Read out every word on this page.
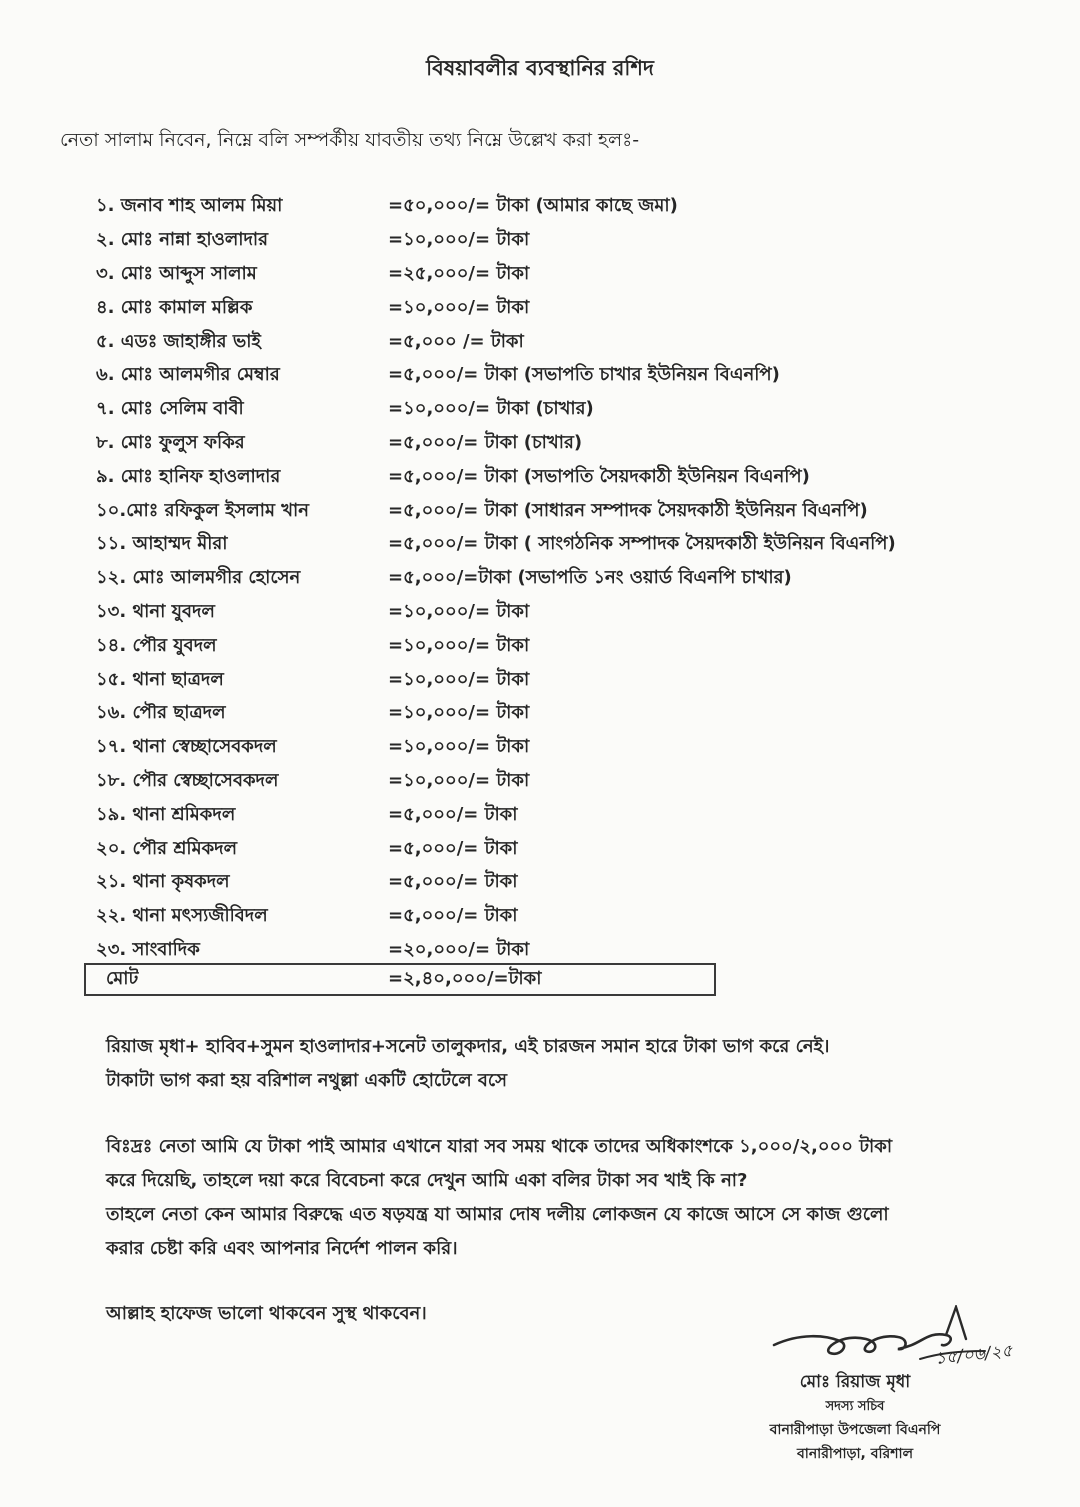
বিষয়াবলীর ব্যবস্থানির রশিদ
নেতা সালাম নিবেন, নিম্নে বলি সম্পর্কীয় যাবতীয় তথ্য নিম্নে উল্লেখ করা হলঃ-
১. জনাব শাহ আলম মিয়া	=৫০,০০০/= টাকা (আমার কাছে জমা)
২. মোঃ নান্না হাওলাদার	=১০,০০০/= টাকা
৩. মোঃ আব্দুস সালাম	=২৫,০০০/= টাকা
৪. মোঃ কামাল মল্লিক	=১০,০০০/= টাকা
৫. এডঃ জাহাঙ্গীর ভাই	=৫,০০০ /= টাকা
৬. মোঃ আলমগীর মেম্বার	=৫,০০০/= টাকা (সভাপতি চাখার ইউনিয়ন বিএনপি)
৭. মোঃ সেলিম বাবী	=১০,০০০/= টাকা (চাখার)
৮. মোঃ ফুলুস ফকির	=৫,০০০/= টাকা (চাখার)
৯. মোঃ হানিফ হাওলাদার	=৫,০০০/= টাকা (সভাপতি সৈয়দকাঠী ইউনিয়ন বিএনপি)
১০.মোঃ রফিকুল ইসলাম খান	=৫,০০০/= টাকা (সাধারন সম্পাদক সৈয়দকাঠী ইউনিয়ন বিএনপি)
১১. আহাম্মদ মীরা	=৫,০০০/= টাকা ( সাংগঠনিক সম্পাদক সৈয়দকাঠী ইউনিয়ন বিএনপি)
১২. মোঃ আলমগীর হোসেন	=৫,০০০/=টাকা (সভাপতি ১নং ওয়ার্ড বিএনপি চাখার)
১৩. থানা যুবদল	=১০,০০০/= টাকা
১৪. পৌর যুবদল	=১০,০০০/= টাকা
১৫. থানা ছাত্রদল	=১০,০০০/= টাকা
১৬. পৌর ছাত্রদল	=১০,০০০/= টাকা
১৭. থানা স্বেচ্ছাসেবকদল	=১০,০০০/= টাকা
১৮. পৌর স্বেচ্ছাসেবকদল	=১০,০০০/= টাকা
১৯. থানা শ্রমিকদল	=৫,০০০/= টাকা
২০. পৌর শ্রমিকদল	=৫,০০০/= টাকা
২১. থানা কৃষকদল	=৫,০০০/= টাকা
২২. থানা মৎস্যজীবিদল	=৫,০০০/= টাকা
২৩. সাংবাদিক	=২০,০০০/= টাকা
মোট	=২,৪০,০০০/=টাকা
রিয়াজ মৃধা+ হাবিব+সুমন হাওলাদার+সনেট তালুকদার, এই চারজন সমান হারে টাকা ভাগ করে নেই।
টাকাটা ভাগ করা হয় বরিশাল নথুল্লা একটি হোটেলে বসে
বিঃদ্রঃ নেতা আমি যে টাকা পাই আমার এখানে যারা সব সময় থাকে তাদের অধিকাংশকে ১,০০০/২,০০০ টাকা
করে দিয়েছি, তাহলে দয়া করে বিবেচনা করে দেখুন আমি একা বলির টাকা সব খাই কি না?
তাহলে নেতা কেন আমার বিরুদ্ধে এত ষড়যন্ত্র যা আমার দোষ দলীয় লোকজন যে কাজে আসে সে কাজ গুলো
করার চেষ্টা করি এবং আপনার নির্দেশ পালন করি।
আল্লাহ হাফেজ ভালো থাকবেন সুস্থ থাকবেন।
১৫/০৬/২৫
মোঃ রিয়াজ মৃধা
সদস্য সচিব
বানারীপাড়া উপজেলা বিএনপি
বানারীপাড়া, বরিশাল
